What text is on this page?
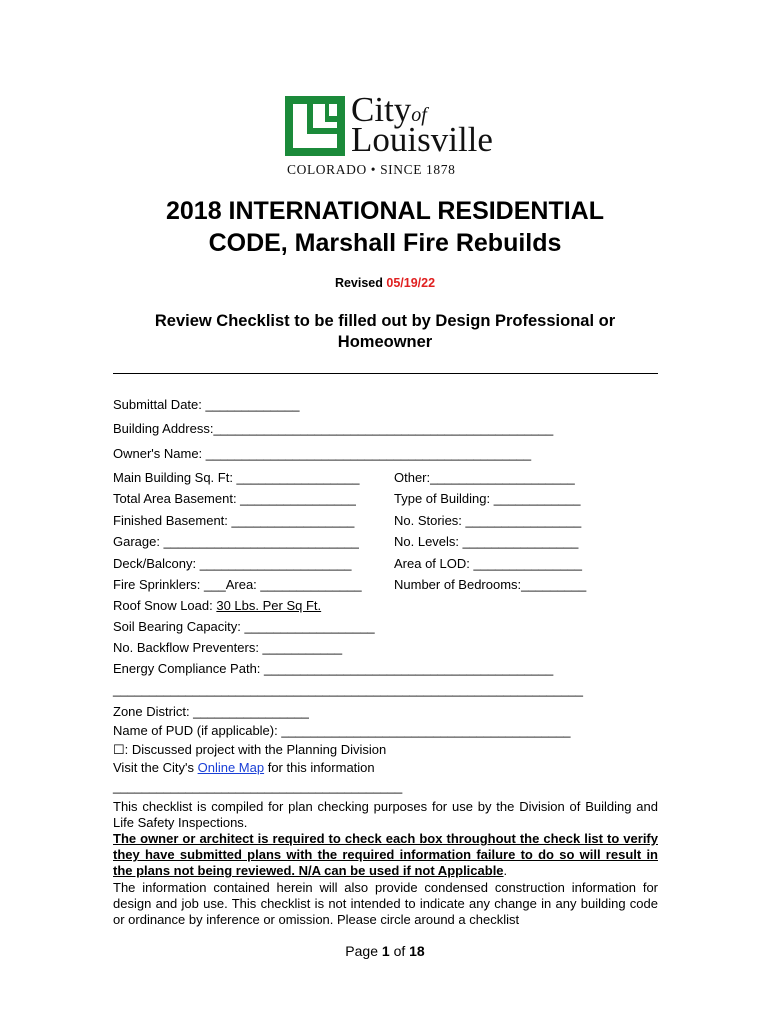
Cityof
Louisville
COLORADO • SINCE 1878
2018 INTERNATIONAL RESIDENTIAL
CODE, Marshall Fire Rebuilds
Revised 05/19/22
Review Checklist to be filled out by Design Professional or
Homeowner
Submittal Date: _____________
Building Address:_______________________________________________
Owner's Name: _____________________________________________
Main Building Sq. Ft: _________________
Total Area Basement: ________________
Finished Basement: _________________
Garage: ___________________________
Deck/Balcony: _____________________
Fire Sprinklers: ___Area: ______________
Other:____________________
Type of Building: ____________
No. Stories: ________________
No. Levels: ________________
Area of LOD: _______________
Number of Bedrooms:_________
Roof Snow Load: 30 Lbs. Per Sq Ft.
Soil Bearing Capacity: __________________
No. Backflow Preventers: ___________
Energy Compliance Path: ________________________________________
_________________________________________________________________
Zone District: ________________
Name of PUD (if applicable): ________________________________________
☐: Discussed project with the Planning Division
Visit the City's Online Map for this information
________________________________________
This checklist is compiled for plan checking purposes for use by the Division of Building and Life Safety Inspections.
The owner or architect is required to check each box throughout the check list to verify they have submitted plans with the required information failure to do so will result in the plans not being reviewed. N/A can be used if not Applicable.
The information contained herein will also provide condensed construction information for design and job use. This checklist is not intended to indicate any change in any building code or ordinance by inference or omission. Please circle around a checklist
Page 1 of 18
